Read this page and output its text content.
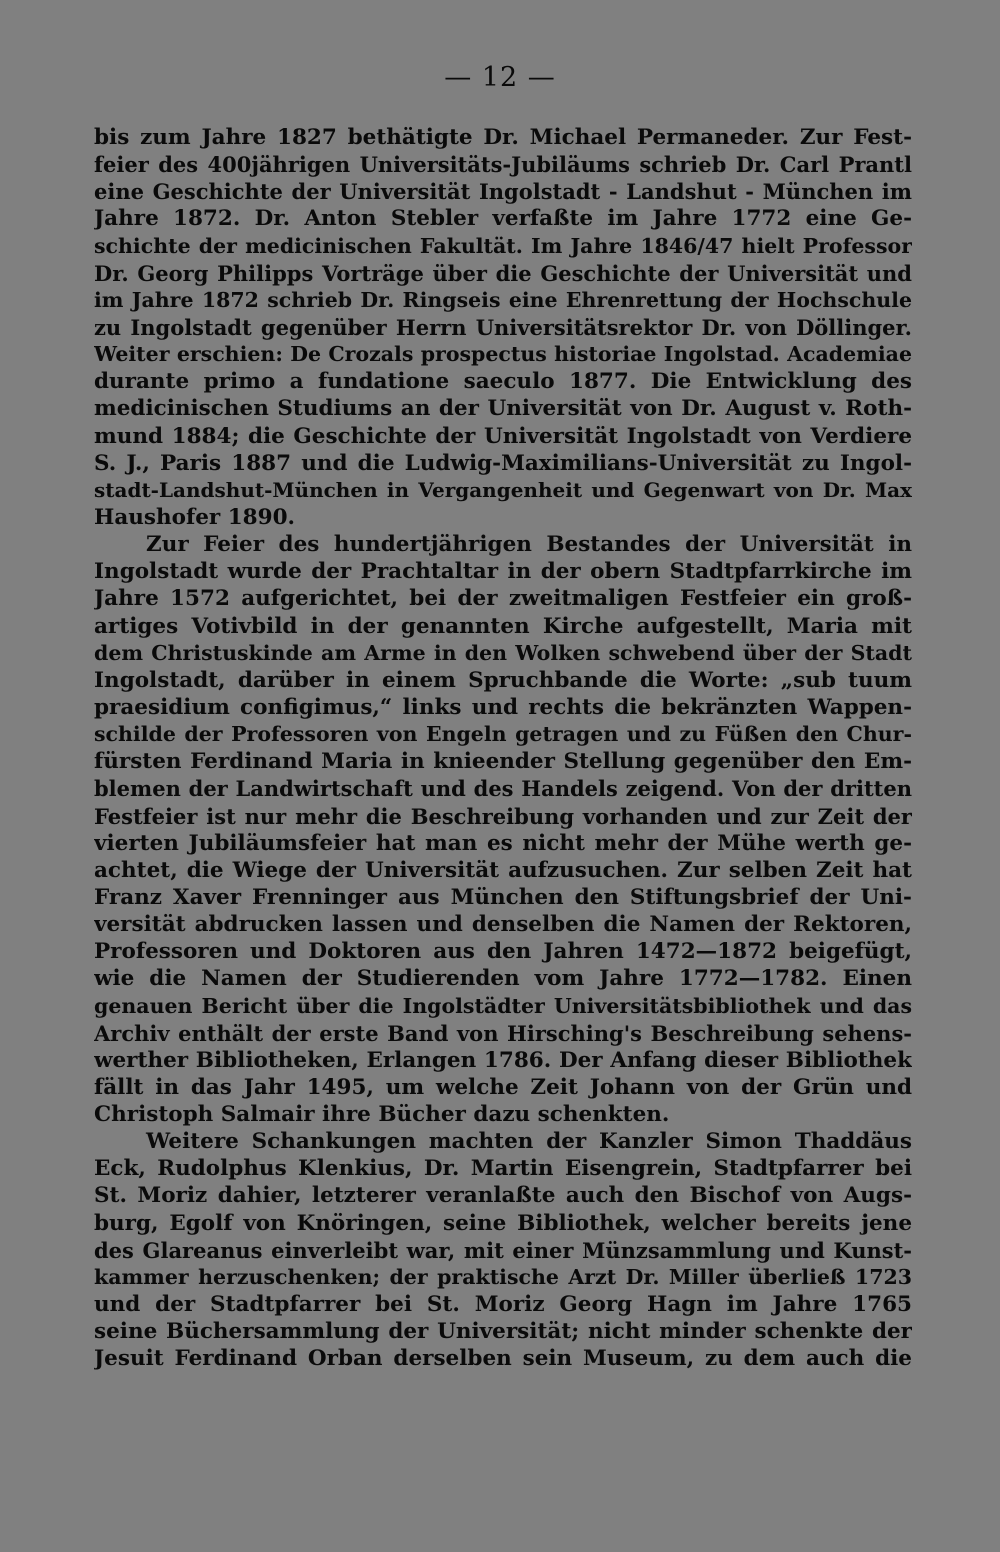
— 12 —
bis zum Jahre 1827 bethätigte Dr. Michael Permaneder. Zur Fest-
feier des 400jährigen Universitäts-Jubiläums schrieb Dr. Carl Prantl
eine Geschichte der Universität Ingolstadt - Landshut - München im
Jahre 1872. Dr. Anton Stebler verfaßte im Jahre 1772 eine Ge-
schichte der medicinischen Fakultät. Im Jahre 1846/47 hielt Professor
Dr. Georg Philipps Vorträge über die Geschichte der Universität und
im Jahre 1872 schrieb Dr. Ringseis eine Ehrenrettung der Hochschule
zu Ingolstadt gegenüber Herrn Universitätsrektor Dr. von Döllinger.
Weiter erschien: De Crozals prospectus historiae Ingolstad. Academiae
durante primo a fundatione saeculo 1877. Die Entwicklung des
medicinischen Studiums an der Universität von Dr. August v. Roth-
mund 1884; die Geschichte der Universität Ingolstadt von Verdiere
S. J., Paris 1887 und die Ludwig-Maximilians-Universität zu Ingol-
stadt-Landshut-München in Vergangenheit und Gegenwart von Dr. Max
Haushofer 1890.
Zur Feier des hundertjährigen Bestandes der Universität in
Ingolstadt wurde der Prachtaltar in der obern Stadtpfarrkirche im
Jahre 1572 aufgerichtet, bei der zweitmaligen Festfeier ein groß-
artiges Votivbild in der genannten Kirche aufgestellt, Maria mit
dem Christuskinde am Arme in den Wolken schwebend über der Stadt
Ingolstadt, darüber in einem Spruchbande die Worte: „sub tuum
praesidium configimus,“ links und rechts die bekränzten Wappen-
schilde der Professoren von Engeln getragen und zu Füßen den Chur-
fürsten Ferdinand Maria in knieender Stellung gegenüber den Em-
blemen der Landwirtschaft und des Handels zeigend. Von der dritten
Festfeier ist nur mehr die Beschreibung vorhanden und zur Zeit der
vierten Jubiläumsfeier hat man es nicht mehr der Mühe werth ge-
achtet, die Wiege der Universität aufzusuchen. Zur selben Zeit hat
Franz Xaver Frenninger aus München den Stiftungsbrief der Uni-
versität abdrucken lassen und denselben die Namen der Rektoren,
Professoren und Doktoren aus den Jahren 1472—1872 beigefügt,
wie die Namen der Studierenden vom Jahre 1772—1782. Einen
genauen Bericht über die Ingolstädter Universitätsbibliothek und das
Archiv enthält der erste Band von Hirsching's Beschreibung sehens-
werther Bibliotheken, Erlangen 1786. Der Anfang dieser Bibliothek
fällt in das Jahr 1495, um welche Zeit Johann von der Grün und
Christoph Salmair ihre Bücher dazu schenkten.
Weitere Schankungen machten der Kanzler Simon Thaddäus
Eck, Rudolphus Klenkius, Dr. Martin Eisengrein, Stadtpfarrer bei
St. Moriz dahier, letzterer veranlaßte auch den Bischof von Augs-
burg, Egolf von Knöringen, seine Bibliothek, welcher bereits jene
des Glareanus einverleibt war, mit einer Münzsammlung und Kunst-
kammer herzuschenken; der praktische Arzt Dr. Miller überließ 1723
und der Stadtpfarrer bei St. Moriz Georg Hagn im Jahre 1765
seine Büchersammlung der Universität; nicht minder schenkte der
Jesuit Ferdinand Orban derselben sein Museum, zu dem auch die
